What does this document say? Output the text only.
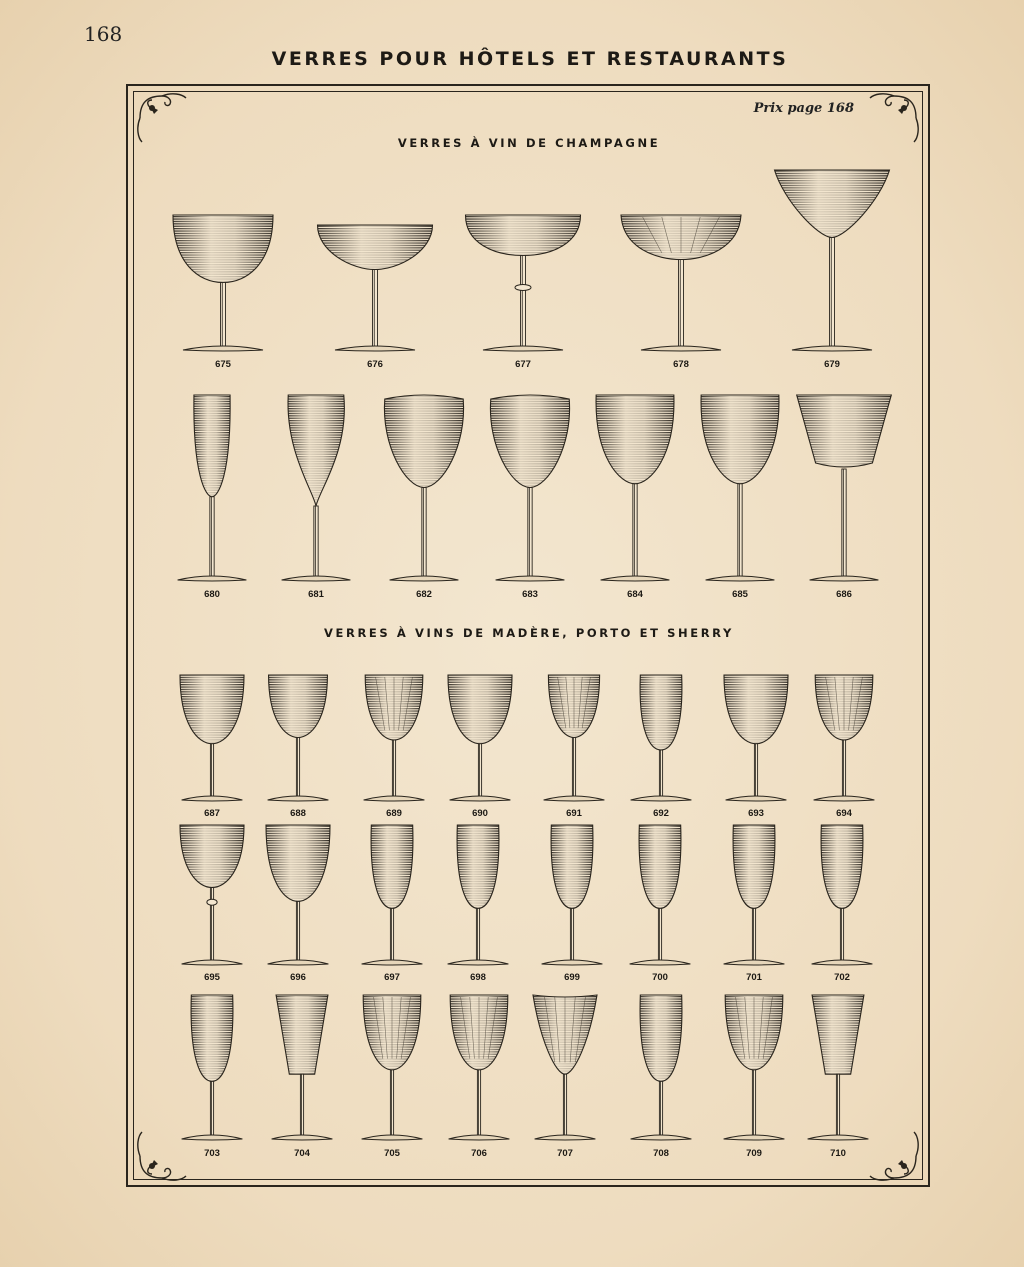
168
VERRES POUR HÔTELS ET RESTAURANTS
Prix page 168
VERRES À VIN DE CHAMPAGNE
VERRES À VINS DE MADÈRE, PORTO ET SHERRY
675	676	677	678	679
680	681	682	683	684	685	686
687	688	689	690	691	692	693	694
695	696	697	698	699	700	701	702
703	704	705	706	707	708	709	710
